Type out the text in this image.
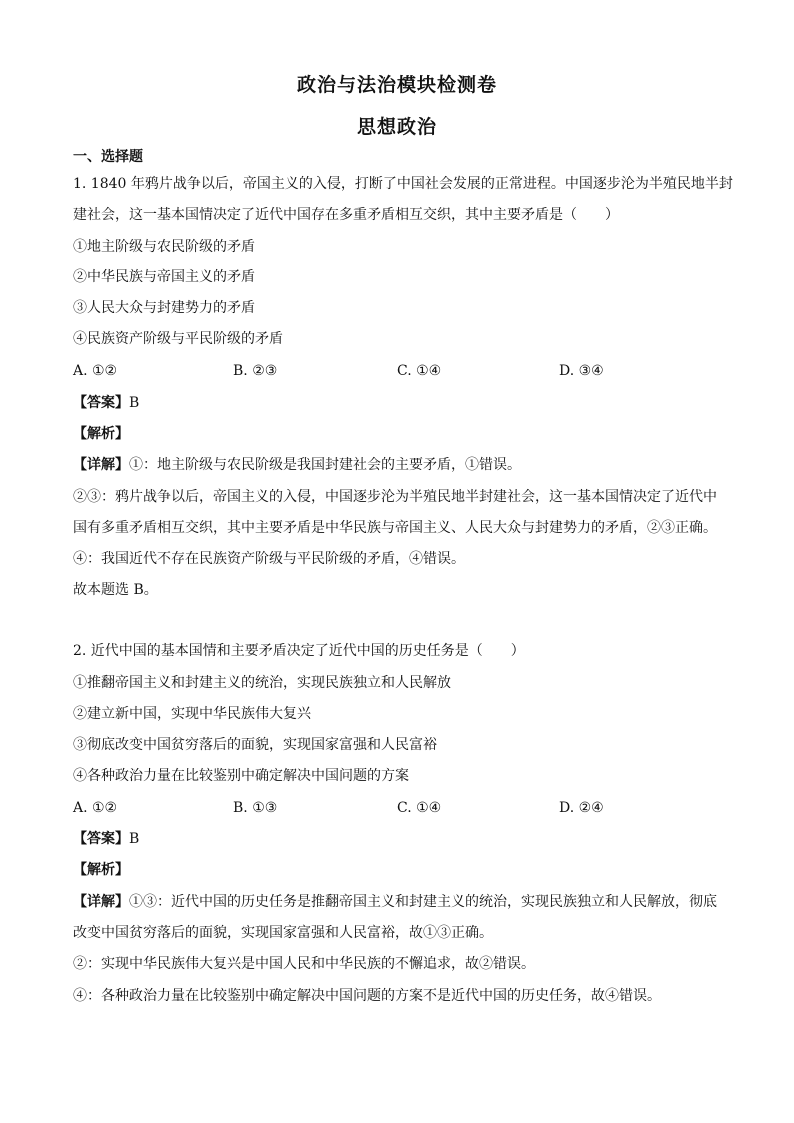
政治与法治模块检测卷
思想政治
一、选择题
1. 1840 年鸦片战争以后，帝国主义的入侵，打断了中国社会发展的正常进程。中国逐步沦为半殖民地半封
建社会，这一基本国情决定了近代中国存在多重矛盾相互交织，其中主要矛盾是（　　）
①地主阶级与农民阶级的矛盾
②中华民族与帝国主义的矛盾
③人民大众与封建势力的矛盾
④民族资产阶级与平民阶级的矛盾
A. ①②	B. ②③	C. ①④	D. ③④
【答案】B
【解析】
【详解】①：地主阶级与农民阶级是我国封建社会的主要矛盾，①错误。
②③：鸦片战争以后，帝国主义的入侵，中国逐步沦为半殖民地半封建社会，这一基本国情决定了近代中
国有多重矛盾相互交织，其中主要矛盾是中华民族与帝国主义、人民大众与封建势力的矛盾，②③正确。
④：我国近代不存在民族资产阶级与平民阶级的矛盾，④错误。
故本题选 B。
2. 近代中国的基本国情和主要矛盾决定了近代中国的历史任务是（　　）
①推翻帝国主义和封建主义的统治，实现民族独立和人民解放
②建立新中国，实现中华民族伟大复兴
③彻底改变中国贫穷落后的面貌，实现国家富强和人民富裕
④各种政治力量在比较鉴别中确定解决中国问题的方案
A. ①②	B. ①③	C. ①④	D. ②④
【答案】B
【解析】
【详解】①③：近代中国的历史任务是推翻帝国主义和封建主义的统治，实现民族独立和人民解放，彻底
改变中国贫穷落后的面貌，实现国家富强和人民富裕，故①③正确。
②：实现中华民族伟大复兴是中国人民和中华民族的不懈追求，故②错误。
④：各种政治力量在比较鉴别中确定解决中国问题的方案不是近代中国的历史任务，故④错误。
